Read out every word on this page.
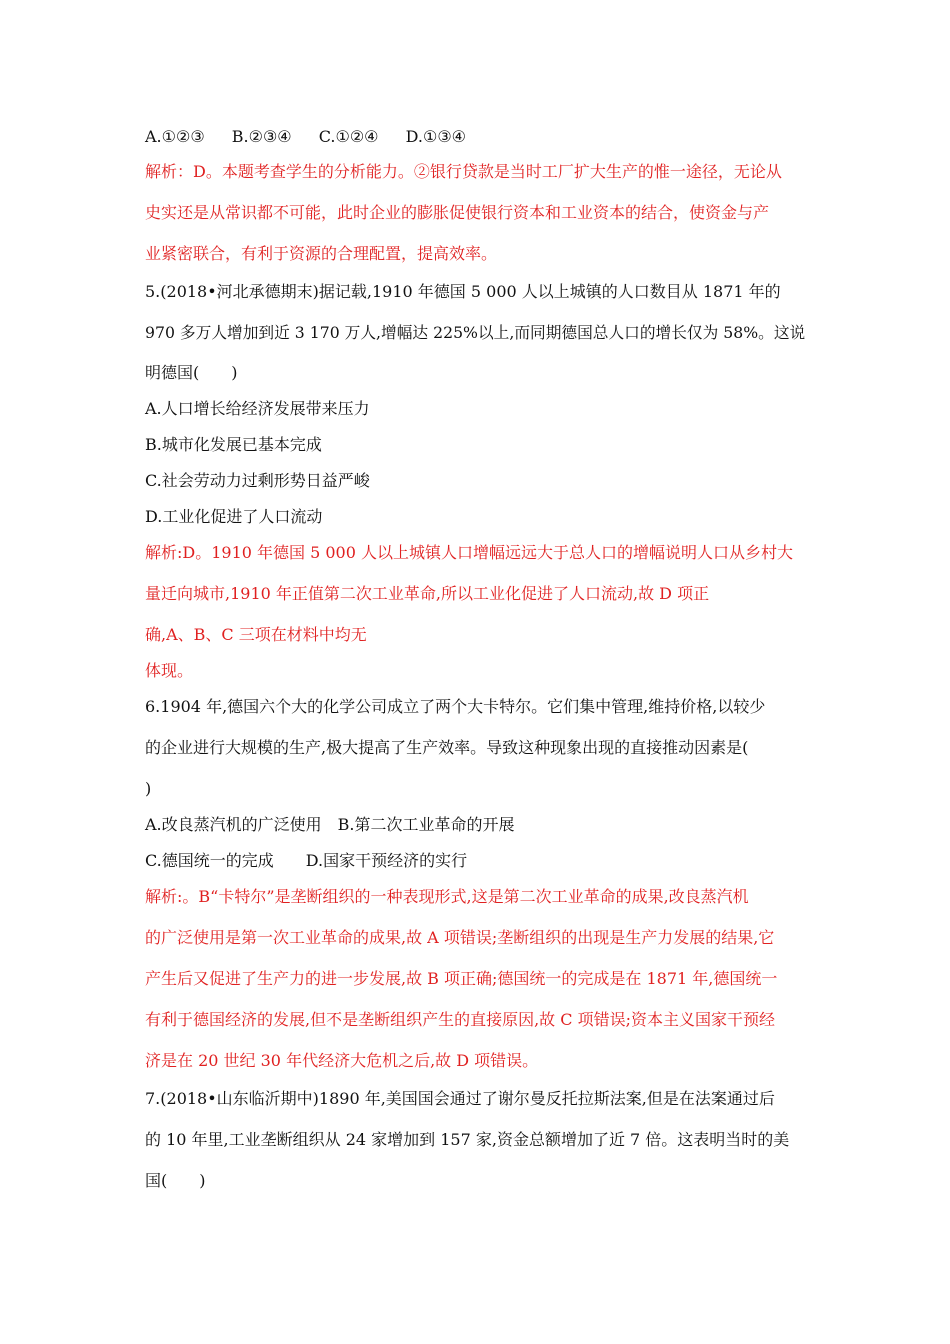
A.①②③ B.②③④ C.①②④ D.①③④
解析：D。本题考查学生的分析能力。②银行贷款是当时工厂扩大生产的惟一途径，无论从
史实还是从常识都不可能，此时企业的膨胀促使银行资本和工业资本的结合，使资金与产
业紧密联合，有利于资源的合理配置，提高效率。
5.(2018•河北承德期末)据记载,1910 年德国 5 000 人以上城镇的人口数目从 1871 年的
970 多万人增加到近 3 170 万人,增幅达 225%以上,而同期德国总人口的增长仅为 58%。这说
明德国(　　)
A.人口增长给经济发展带来压力
B.城市化发展已基本完成
C.社会劳动力过剩形势日益严峻
D.工业化促进了人口流动
解析:D。1910 年德国 5 000 人以上城镇人口增幅远远大于总人口的增幅说明人口从乡村大
量迁向城市,1910 年正值第二次工业革命,所以工业化促进了人口流动,故 D 项正
确,A、B、C 三项在材料中均无
体现。
6.1904 年,德国六个大的化学公司成立了两个大卡特尔。它们集中管理,维持价格,以较少
的企业进行大规模的生产,极大提高了生产效率。导致这种现象出现的直接推动因素是(
)
A.改良蒸汽机的广泛使用　B.第二次工业革命的开展
C.德国统一的完成　　D.国家干预经济的实行
解析:。B“卡特尔”是垄断组织的一种表现形式,这是第二次工业革命的成果,改良蒸汽机
的广泛使用是第一次工业革命的成果,故 A 项错误;垄断组织的出现是生产力发展的结果,它
产生后又促进了生产力的进一步发展,故 B 项正确;德国统一的完成是在 1871 年,德国统一
有利于德国经济的发展,但不是垄断组织产生的直接原因,故 C 项错误;资本主义国家干预经
济是在 20 世纪 30 年代经济大危机之后,故 D 项错误。
7.(2018•山东临沂期中)1890 年,美国国会通过了谢尔曼反托拉斯法案,但是在法案通过后
的 10 年里,工业垄断组织从 24 家增加到 157 家,资金总额增加了近 7 倍。这表明当时的美
国(　　)
